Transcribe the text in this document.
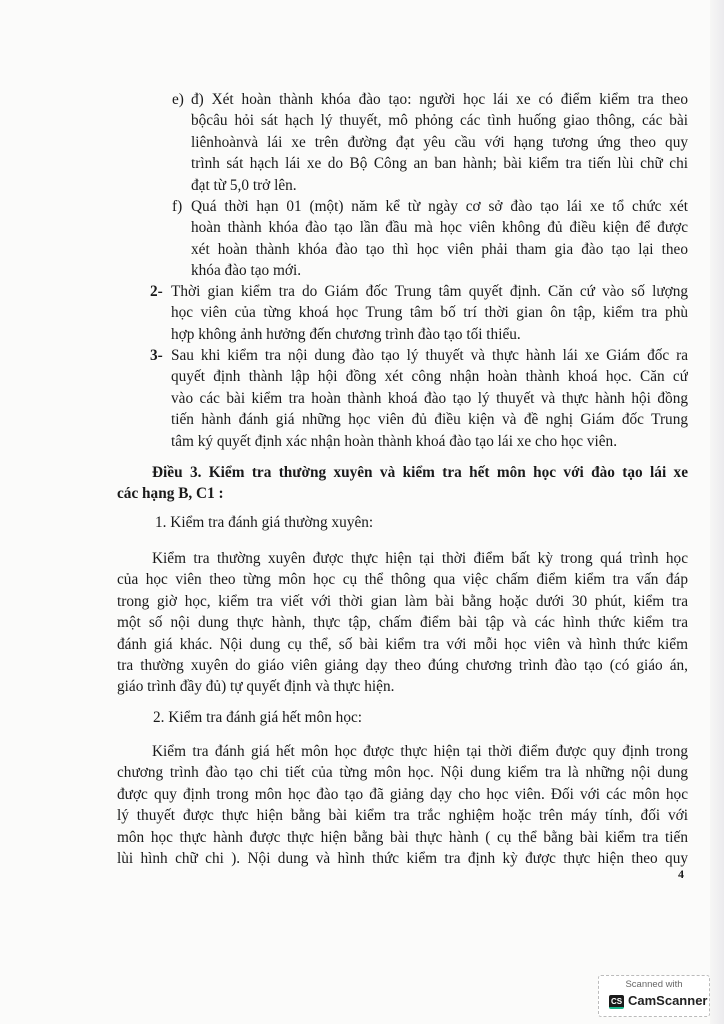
e) đ) Xét hoàn thành khóa đào tạo: người học lái xe có điểm kiểm tra theo
bộcâu hỏi sát hạch lý thuyết, mô phỏng các tình huống giao thông, các bài
liênhoànvà lái xe trên đường đạt yêu cầu với hạng tương ứng theo quy
trình sát hạch lái xe do Bộ Công an ban hành; bài kiểm tra tiến lùi chữ chi
đạt từ 5,0 trở lên.
f) Quá thời hạn 01 (một) năm kể từ ngày cơ sở đào tạo lái xe tổ chức xét
hoàn thành khóa đào tạo lần đầu mà học viên không đủ điều kiện để được
xét hoàn thành khóa đào tạo thì học viên phải tham gia đào tạo lại theo
khóa đào tạo mới.
2- Thời gian kiểm tra do Giám đốc Trung tâm quyết định. Căn cứ vào số lượng
học viên của từng khoá học Trung tâm bố trí thời gian ôn tập, kiểm tra phù
hợp không ảnh hưởng đến chương trình đào tạo tối thiểu.
3- Sau khi kiểm tra nội dung đào tạo lý thuyết và thực hành lái xe Giám đốc ra
quyết định thành lập hội đồng xét công nhận hoàn thành khoá học. Căn cứ
vào các bài kiểm tra hoàn thành khoá đào tạo lý thuyết và thực hành hội đồng
tiến hành đánh giá những học viên đủ điều kiện và đề nghị Giám đốc Trung
tâm ký quyết định xác nhận hoàn thành khoá đào tạo lái xe cho học viên.
Điều 3. Kiểm tra thường xuyên và kiểm tra hết môn học với đào tạo lái xe
các hạng B, C1 :
1. Kiểm tra đánh giá thường xuyên:
Kiểm tra thường xuyên được thực hiện tại thời điểm bất kỳ trong quá trình học
của học viên theo từng môn học cụ thể thông qua việc chấm điểm kiểm tra vấn đáp
trong giờ học, kiểm tra viết với thời gian làm bài bằng hoặc dưới 30 phút, kiểm tra
một số nội dung thực hành, thực tập, chấm điểm bài tập và các hình thức kiểm tra
đánh giá khác. Nội dung cụ thể, số bài kiểm tra với mỗi học viên và hình thức kiểm
tra thường xuyên do giáo viên giảng dạy theo đúng chương trình đào tạo (có giáo án,
giáo trình đầy đủ) tự quyết định và thực hiện.
2. Kiểm tra đánh giá hết môn học:
Kiểm tra đánh giá hết môn học được thực hiện tại thời điểm được quy định trong
chương trình đào tạo chi tiết của từng môn học. Nội dung kiểm tra là những nội dung
được quy định trong môn học đào tạo đã giảng dạy cho học viên. Đối với các môn học
lý thuyết được thực hiện bằng bài kiểm tra trắc nghiệm hoặc trên máy tính, đối với
môn học thực hành được thực hiện bằng bài thực hành ( cụ thể bằng bài kiểm tra tiến
lùi hình chữ chi ). Nội dung và hình thức kiểm tra định kỳ được thực hiện theo quy
4
Scanned with
CS CamScanner
